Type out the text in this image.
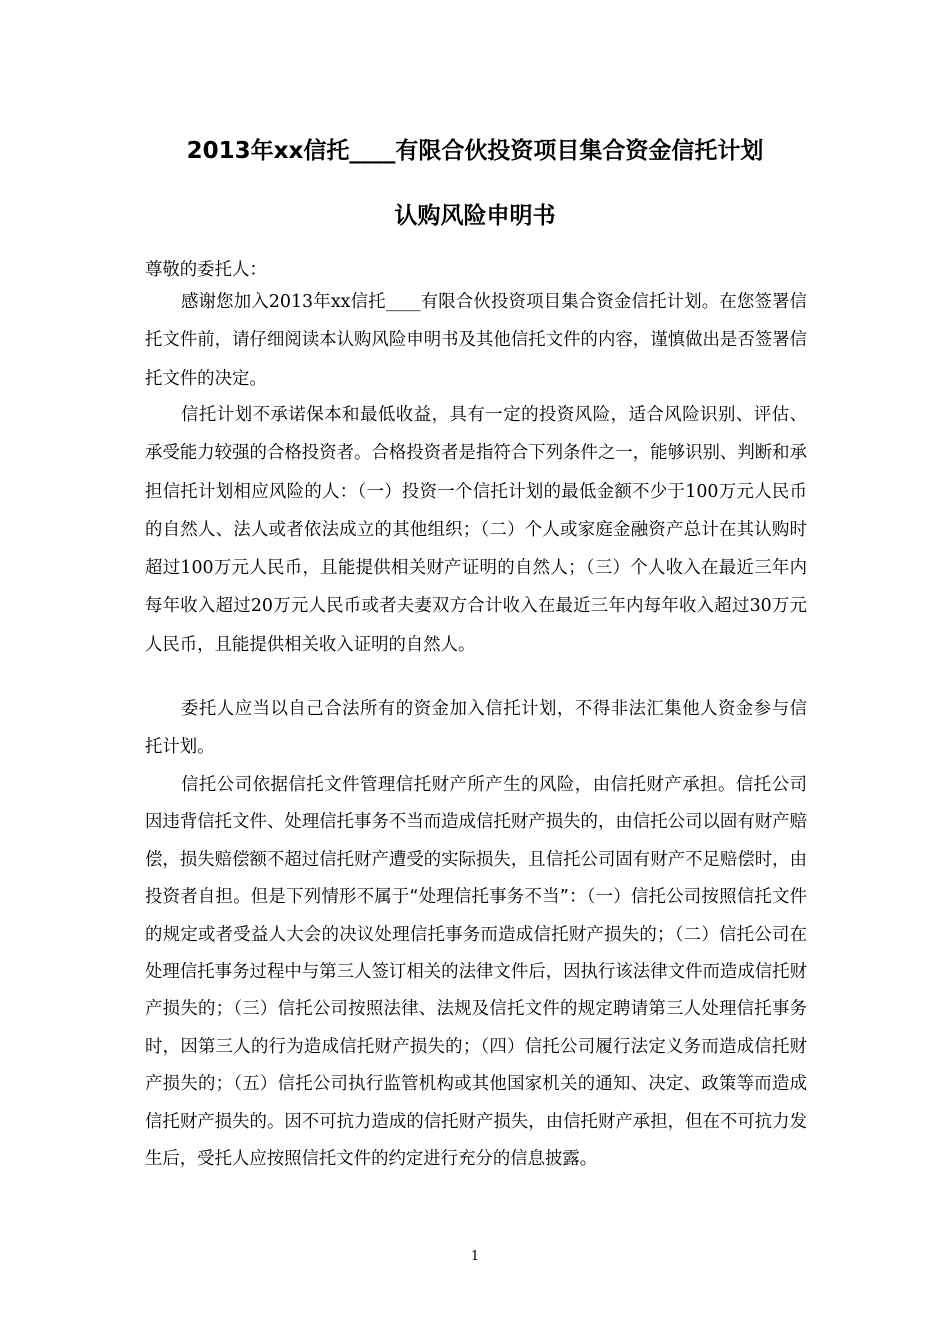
2013年xx信托____有限合伙投资项目集合资金信托计划
认购风险申明书
尊敬的委托人：

感谢您加入2013年xx信托____有限合伙投资项目集合资金信托计划。在您签署信托文件前，请仔细阅读本认购风险申明书及其他信托文件的内容，谨慎做出是否签署信托文件的决定。

信托计划不承诺保本和最低收益，具有一定的投资风险，适合风险识别、评估、承受能力较强的合格投资者。合格投资者是指符合下列条件之一，能够识别、判断和承担信托计划相应风险的人：（一）投资一个信托计划的最低金额不少于100万元人民币的自然人、法人或者依法成立的其他组织；（二）个人或家庭金融资产总计在其认购时超过100万元人民币，且能提供相关财产证明的自然人；（三）个人收入在最近三年内每年收入超过20万元人民币或者夫妻双方合计收入在最近三年内每年收入超过30万元人民币，且能提供相关收入证明的自然人。

委托人应当以自己合法所有的资金加入信托计划，不得非法汇集他人资金参与信托计划。

信托公司依据信托文件管理信托财产所产生的风险，由信托财产承担。信托公司因违背信托文件、处理信托事务不当而造成信托财产损失的，由信托公司以固有财产赔偿，损失赔偿额不超过信托财产遭受的实际损失，且信托公司固有财产不足赔偿时，由投资者自担。但是下列情形不属于“处理信托事务不当”：（一）信托公司按照信托文件的规定或者受益人大会的决议处理信托事务而造成信托财产损失的；（二）信托公司在处理信托事务过程中与第三人签订相关的法律文件后，因执行该法律文件而造成信托财产损失的；（三）信托公司按照法律、法规及信托文件的规定聘请第三人处理信托事务时，因第三人的行为造成信托财产损失的；（四）信托公司履行法定义务而造成信托财产损失的；（五）信托公司执行监管机构或其他国家机关的通知、决定、政策等而造成信托财产损失的。因不可抗力造成的信托财产损失，由信托财产承担，但在不可抗力发生后，受托人应按照信托文件的约定进行充分的信息披露。

1
